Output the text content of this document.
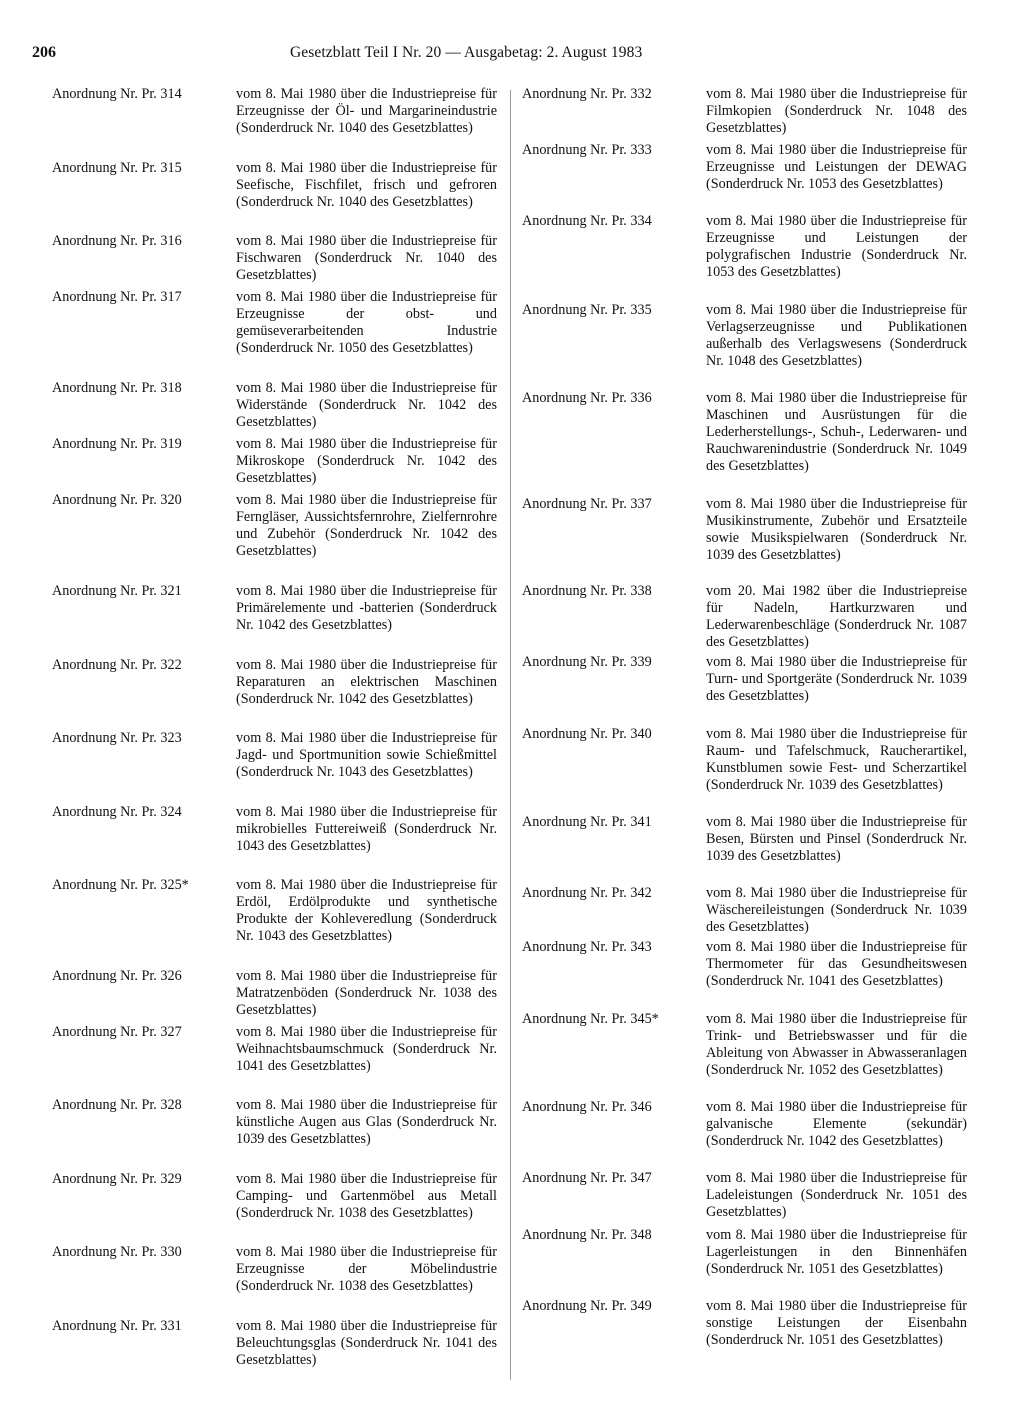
206	Gesetzblatt Teil I Nr. 20 — Ausgabetag: 2. August 1983
Anordnung Nr. Pr. 314	vom 8. Mai 1980 über die Industriepreise für Erzeugnisse der Öl- und Margarineindustrie (Sonderdruck Nr. 1040 des Gesetzblattes)
Anordnung Nr. Pr. 315	vom 8. Mai 1980 über die Industriepreise für Seefische, Fischfilet, frisch und gefroren (Sonderdruck Nr. 1040 des Gesetzblattes)
Anordnung Nr. Pr. 316	vom 8. Mai 1980 über die Industriepreise für Fischwaren (Sonderdruck Nr. 1040 des Gesetzblattes)
Anordnung Nr. Pr. 317	vom 8. Mai 1980 über die Industriepreise für Erzeugnisse der obst- und gemüseverarbeitenden Industrie (Sonderdruck Nr. 1050 des Gesetzblattes)
Anordnung Nr. Pr. 318	vom 8. Mai 1980 über die Industriepreise für Widerstände (Sonderdruck Nr. 1042 des Gesetzblattes)
Anordnung Nr. Pr. 319	vom 8. Mai 1980 über die Industriepreise für Mikroskope (Sonderdruck Nr. 1042 des Gesetzblattes)
Anordnung Nr. Pr. 320	vom 8. Mai 1980 über die Industriepreise für Ferngläser, Aussichtsfernrohre, Zielfernrohre und Zubehör (Sonderdruck Nr. 1042 des Gesetzblattes)
Anordnung Nr. Pr. 321	vom 8. Mai 1980 über die Industriepreise für Primärelemente und -batterien (Sonderdruck Nr. 1042 des Gesetzblattes)
Anordnung Nr. Pr. 322	vom 8. Mai 1980 über die Industriepreise für Reparaturen an elektrischen Maschinen (Sonderdruck Nr. 1042 des Gesetzblattes)
Anordnung Nr. Pr. 323	vom 8. Mai 1980 über die Industriepreise für Jagd- und Sportmunition sowie Schießmittel (Sonderdruck Nr. 1043 des Gesetzblattes)
Anordnung Nr. Pr. 324	vom 8. Mai 1980 über die Industriepreise für mikrobielles Futtereiweiß (Sonderdruck Nr. 1043 des Gesetzblattes)
Anordnung Nr. Pr. 325*	vom 8. Mai 1980 über die Industriepreise für Erdöl, Erdölprodukte und synthetische Produkte der Kohleveredlung (Sonderdruck Nr. 1043 des Gesetzblattes)
Anordnung Nr. Pr. 326	vom 8. Mai 1980 über die Industriepreise für Matratzenböden (Sonderdruck Nr. 1038 des Gesetzblattes)
Anordnung Nr. Pr. 327	vom 8. Mai 1980 über die Industriepreise für Weihnachtsbaumschmuck (Sonderdruck Nr. 1041 des Gesetzblattes)
Anordnung Nr. Pr. 328	vom 8. Mai 1980 über die Industriepreise für künstliche Augen aus Glas (Sonderdruck Nr. 1039 des Gesetzblattes)
Anordnung Nr. Pr. 329	vom 8. Mai 1980 über die Industriepreise für Camping- und Gartenmöbel aus Metall (Sonderdruck Nr. 1038 des Gesetzblattes)
Anordnung Nr. Pr. 330	vom 8. Mai 1980 über die Industriepreise für Erzeugnisse der Möbelindustrie (Sonderdruck Nr. 1038 des Gesetzblattes)
Anordnung Nr. Pr. 331	vom 8. Mai 1980 über die Industriepreise für Beleuchtungsglas (Sonderdruck Nr. 1041 des Gesetzblattes)
Anordnung Nr. Pr. 332	vom 8. Mai 1980 über die Industriepreise für Filmkopien (Sonderdruck Nr. 1048 des Gesetzblattes)
Anordnung Nr. Pr. 333	vom 8. Mai 1980 über die Industriepreise für Erzeugnisse und Leistungen der DEWAG (Sonderdruck Nr. 1053 des Gesetzblattes)
Anordnung Nr. Pr. 334	vom 8. Mai 1980 über die Industriepreise für Erzeugnisse und Leistungen der polygrafischen Industrie (Sonderdruck Nr. 1053 des Gesetzblattes)
Anordnung Nr. Pr. 335	vom 8. Mai 1980 über die Industriepreise für Verlagserzeugnisse und Publikationen außerhalb des Verlagswesens (Sonderdruck Nr. 1048 des Gesetzblattes)
Anordnung Nr. Pr. 336	vom 8. Mai 1980 über die Industriepreise für Maschinen und Ausrüstungen für die Lederherstellungs-, Schuh-, Lederwaren- und Rauchwarenindustrie (Sonderdruck Nr. 1049 des Gesetzblattes)
Anordnung Nr. Pr. 337	vom 8. Mai 1980 über die Industriepreise für Musikinstrumente, Zubehör und Ersatzteile sowie Musikspielwaren (Sonderdruck Nr. 1039 des Gesetzblattes)
Anordnung Nr. Pr. 338	vom 20. Mai 1982 über die Industriepreise für Nadeln, Hartkurzwaren und Lederwarenbeschläge (Sonderdruck Nr. 1087 des Gesetzblattes)
Anordnung Nr. Pr. 339	vom 8. Mai 1980 über die Industriepreise für Turn- und Sportgeräte (Sonderdruck Nr. 1039 des Gesetzblattes)
Anordnung Nr. Pr. 340	vom 8. Mai 1980 über die Industriepreise für Raum- und Tafelschmuck, Raucherartikel, Kunstblumen sowie Fest- und Scherzartikel (Sonderdruck Nr. 1039 des Gesetzblattes)
Anordnung Nr. Pr. 341	vom 8. Mai 1980 über die Industriepreise für Besen, Bürsten und Pinsel (Sonderdruck Nr. 1039 des Gesetzblattes)
Anordnung Nr. Pr. 342	vom 8. Mai 1980 über die Industriepreise für Wäschereileistungen (Sonderdruck Nr. 1039 des Gesetzblattes)
Anordnung Nr. Pr. 343	vom 8. Mai 1980 über die Industriepreise für Thermometer für das Gesundheitswesen (Sonderdruck Nr. 1041 des Gesetzblattes)
Anordnung Nr. Pr. 345*	vom 8. Mai 1980 über die Industriepreise für Trink- und Betriebswasser und für die Ableitung von Abwasser in Abwasseranlagen (Sonderdruck Nr. 1052 des Gesetzblattes)
Anordnung Nr. Pr. 346	vom 8. Mai 1980 über die Industriepreise für galvanische Elemente (sekundär) (Sonderdruck Nr. 1042 des Gesetzblattes)
Anordnung Nr. Pr. 347	vom 8. Mai 1980 über die Industriepreise für Ladeleistungen (Sonderdruck Nr. 1051 des Gesetzblattes)
Anordnung Nr. Pr. 348	vom 8. Mai 1980 über die Industriepreise für Lagerleistungen in den Binnenhäfen (Sonderdruck Nr. 1051 des Gesetzblattes)
Anordnung Nr. Pr. 349	vom 8. Mai 1980 über die Industriepreise für sonstige Leistungen der Eisenbahn (Sonderdruck Nr. 1051 des Gesetzblattes)
